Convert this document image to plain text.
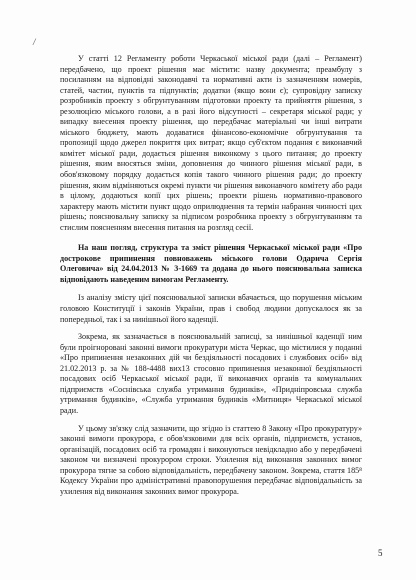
/

У статті 12 Регламенту роботи Черкаської міської ради (далі – Регламент) передбачено, що проект рішення має містити: назву документа; преамбулу з посиланням на відповідні законодавчі та нормативні акти із зазначенням номерів, статей, частин, пунктів та підпунктів; додатки (якщо вони є); супровідну записку розробників проекту з обгрунтуванням підготовки проекту та прийняття рішення, з резолюцією міського голови, а в разі його відсутності – секретаря міської ради; у випадку внесення проекту рішення, що передбачає матеріальні чи інші витрати міського бюджету, мають додаватися фінансово-економічне обгрунтування та пропозиції щодо джерел покриття цих витрат; якщо суб'єктом подання є виконавчий комітет міської ради, додається рішення виконкому з цього питання; до проекту рішення, яким вносяться зміни, доповнення до чинного рішення міської ради, в обов'язковому порядку додається копія такого чинного рішення ради; до проекту рішення, яким відміняються окремі пункти чи рішення виконавчого комітету або ради в цілому, додаються копії цих рішень; проекти рішень нормативно-правового характеру мають містити пункт щодо оприлюднення та термін набрання чинності цих рішень; пояснювальну записку за підписом розробника проекту з обгрунтуванням та стислим поясненням внесення питання на розгляд сесії.

На наш погляд, структура та зміст рішення Черкаської міської ради «Про дострокове припинення повноважень міського голови Одарича Сергія Олеговича» від 24.04.2013 № 3-1669 та додана до нього пояснювальна записка відповідають наведеним вимогам Регламенту.

Із аналізу змісту цієї пояснювальної записки вбачається, що порушення міським головою Конституції і законів України, прав і свобод людини допускалося як за попередньої, так і за нинішньої його каденції.

Зокрема, як зазначається в пояснювальній записці, за нинішньої каденції ним були проігноровані законні вимоги прокуратури міста Черкас, що містилися у поданні «Про припинення незаконних дій чи бездіяльності посадових і службових осіб» від 21.02.2013 р. за № 188-4488 вих13 стосовно припинення незаконної бездіяльності посадових осіб Черкаської міської ради, її виконавчих органів та комунальних підприємств «Соснівська служба утримання будинків», «Придніпровська служба утримання будинків», «Служба утримання будинків «Митниця» Черкаської міської ради.

У цьому зв'язку слід зазначити, що згідно із статтею 8 Закону «Про прокуратуру» законні вимоги прокурора, є обов'язковими для всіх органів, підприємств, установ, організацій, посадових осіб та громадян і виконуються невідкладно або у передбачені законом чи визначені прокурором строки. Ухилення від виконання законних вимог прокурора тягне за собою відповідальність, передбачену законом. Зокрема, стаття 185⁸ Кодексу України про адміністративні правопорушення передбачає відповідальність за ухилення від виконання законних вимог прокурора.

5
